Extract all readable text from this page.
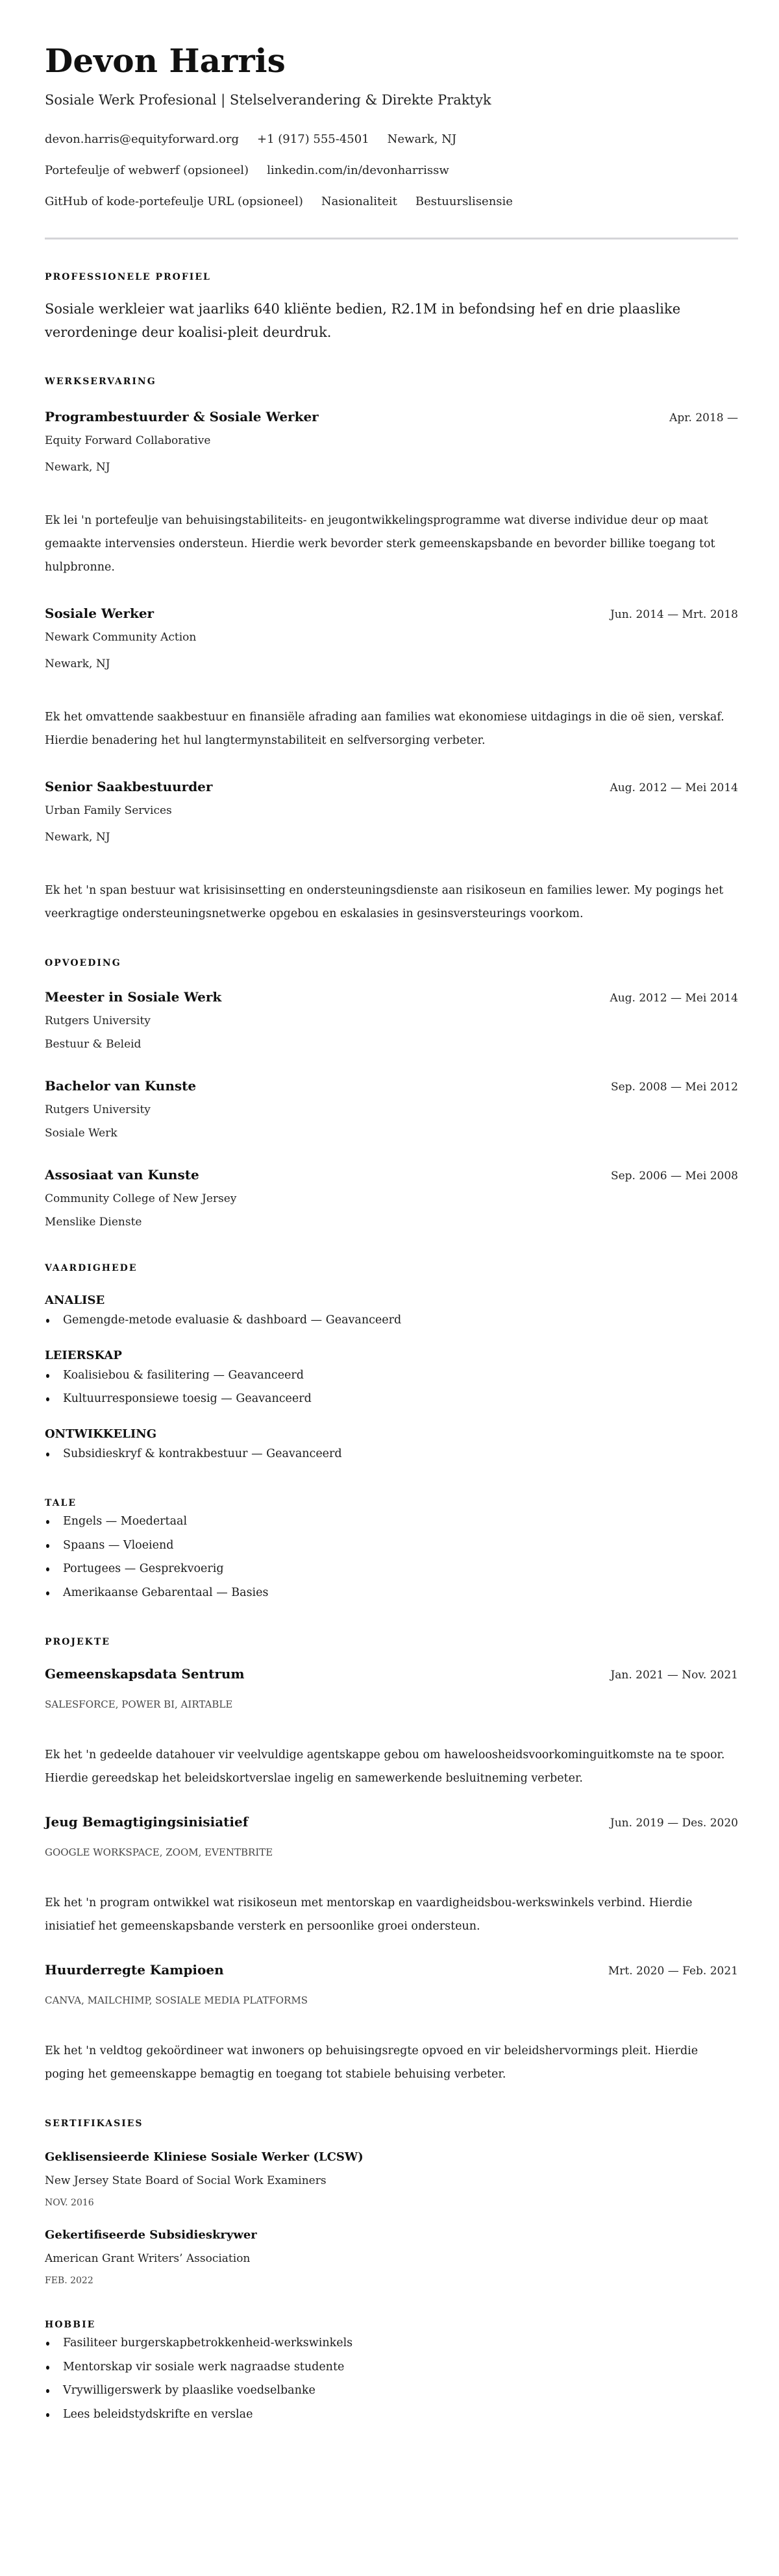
Devon Harris
Sosiale Werk Profesional | Stelselverandering & Direkte Praktyk
devon.harris@equityforward.org +1 (917) 555-4501 Newark, NJ
Portefeulje of webwerf (opsioneel) linkedin.com/in/devonharrissw
GitHub of kode-portefeulje URL (opsioneel) Nasionaliteit Bestuurslisensie
PROFESSIONELE PROFIEL
Sosiale werkleier wat jaarliks 640 kliënte bedien, R2.1M in befondsing hef en drie plaaslike verordeninge deur koalisi-pleit deurdruk.
WERKSERVARING
Programbestuurder & Sosiale Werker	Apr. 2018 —
Equity Forward Collaborative
Newark, NJ
Ek lei 'n portefeulje van behuisingstabiliteits- en jeugontwikkelingsprogramme wat diverse individue deur op maat gemaakte intervensies ondersteun. Hierdie werk bevorder sterk gemeenskapsbande en bevorder billike toegang tot hulpbronne.
Sosiale Werker	Jun. 2014 — Mrt. 2018
Newark Community Action
Newark, NJ
Ek het omvattende saakbestuur en finansiële afrading aan families wat ekonomiese uitdagings in die oë sien, verskaf. Hierdie benadering het hul langtermynstabiliteit en selfversorging verbeter.
Senior Saakbestuurder	Aug. 2012 — Mei 2014
Urban Family Services
Newark, NJ
Ek het 'n span bestuur wat krisisinsetting en ondersteuningsdienste aan risikoseun en families lewer. My pogings het veerkragtige ondersteuningsnetwerke opgebou en eskalasies in gesinsversteurings voorkom.
OPVOEDING
Meester in Sosiale Werk	Aug. 2012 — Mei 2014
Rutgers University
Bestuur & Beleid
Bachelor van Kunste	Sep. 2008 — Mei 2012
Rutgers University
Sosiale Werk
Assosiaat van Kunste	Sep. 2006 — Mei 2008
Community College of New Jersey
Menslike Dienste
VAARDIGHEDE
ANALISE
Gemengde-metode evaluasie & dashboard — Geavanceerd
LEIERSKAP
Koalisiebou & fasilitering — Geavanceerd
Kultuurresponsiewe toesig — Geavanceerd
ONTWIKKELING
Subsidieskryf & kontrakbestuur — Geavanceerd
TALE
Engels — Moedertaal
Spaans — Vloeiend
Portugees — Gesprekvoerig
Amerikaanse Gebarentaal — Basies
PROJEKTE
Gemeenskapsdata Sentrum	Jan. 2021 — Nov. 2021
SALESFORCE, POWER BI, AIRTABLE
Ek het 'n gedeelde datahouer vir veelvuldige agentskappe gebou om haweloosheidsvoorkominguitkomste na te spoor. Hierdie gereedskap het beleidskortverslae ingelig en samewerkende besluitneming verbeter.
Jeug Bemagtigingsinisiatief	Jun. 2019 — Des. 2020
GOOGLE WORKSPACE, ZOOM, EVENTBRITE
Ek het 'n program ontwikkel wat risikoseun met mentorskap en vaardigheidsbou-werkswinkels verbind. Hierdie inisiatief het gemeenskapsbande versterk en persoonlike groei ondersteun.
Huurderregte Kampioen	Mrt. 2020 — Feb. 2021
CANVA, MAILCHIMP, SOSIALE MEDIA PLATFORMS
Ek het 'n veldtog gekoördineer wat inwoners op behuisingsregte opvoed en vir beleidshervormings pleit. Hierdie poging het gemeenskappe bemagtig en toegang tot stabiele behuising verbeter.
SERTIFIKASIES
Geklisensieerde Kliniese Sosiale Werker (LCSW)
New Jersey State Board of Social Work Examiners
NOV. 2016
Gekertifiseerde Subsidieskrywer
American Grant Writers’ Association
FEB. 2022
HOBBIE
Fasiliteer burgerskapbetrokkenheid-werkswinkels
Mentorskap vir sosiale werk nagraadse studente
Vrywilligerswerk by plaaslike voedselbanke
Lees beleidstydskrifte en verslae
